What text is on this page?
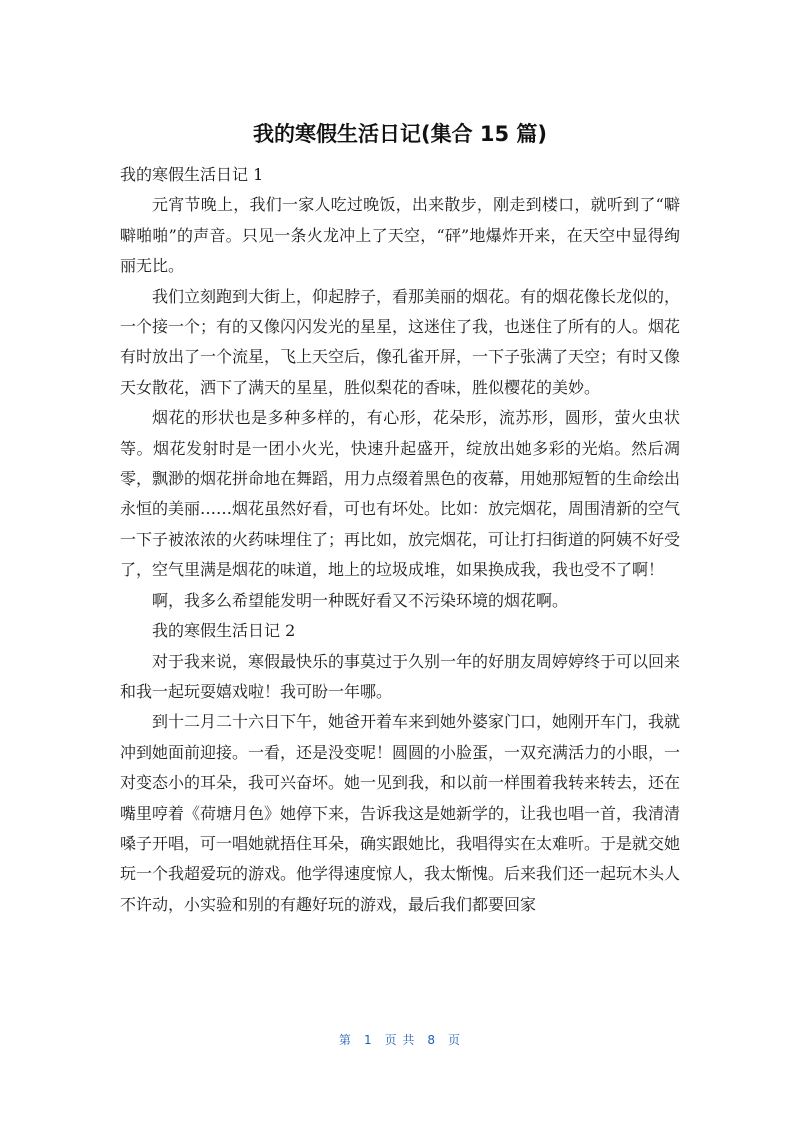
我的寒假生活日记(集合 15 篇)

我的寒假生活日记 1

元宵节晚上，我们一家人吃过晚饭，出来散步，刚走到楼口，就听到了“噼噼啪啪”的声音。只见一条火龙冲上了天空，“砰”地爆炸开来，在天空中显得绚丽无比。

我们立刻跑到大街上，仰起脖子，看那美丽的烟花。有的烟花像长龙似的，一个接一个；有的又像闪闪发光的星星，这迷住了我，也迷住了所有的人。烟花有时放出了一个流星，飞上天空后，像孔雀开屏，一下子张满了天空；有时又像天女散花，洒下了满天的星星，胜似梨花的香味，胜似樱花的美妙。

烟花的形状也是多种多样的，有心形，花朵形，流苏形，圆形，萤火虫状等。烟花发射时是一团小火光，快速升起盛开，绽放出她多彩的光焰。然后凋零，飘渺的烟花拼命地在舞蹈，用力点缀着黑色的夜幕，用她那短暂的生命绘出永恒的美丽……烟花虽然好看，可也有坏处。比如：放完烟花，周围清新的空气一下子被浓浓的火药味埋住了；再比如，放完烟花，可让打扫街道的阿姨不好受了，空气里满是烟花的味道，地上的垃圾成堆，如果换成我，我也受不了啊！

啊，我多么希望能发明一种既好看又不污染环境的烟花啊。

我的寒假生活日记 2

对于我来说，寒假最快乐的事莫过于久别一年的好朋友周婷婷终于可以回来和我一起玩耍嬉戏啦！我可盼一年哪。

到十二月二十六日下午，她爸开着车来到她外婆家门口，她刚开车门，我就冲到她面前迎接。一看，还是没变呢！圆圆的小脸蛋，一双充满活力的小眼，一对变态小的耳朵，我可兴奋坏。她一见到我，和以前一样围着我转来转去，还在嘴里哼着《荷塘月色》她停下来，告诉我这是她新学的，让我也唱一首，我清清嗓子开唱，可一唱她就捂住耳朵，确实跟她比，我唱得实在太难听。于是就交她玩一个我超爱玩的游戏。他学得速度惊人，我太惭愧。后来我们还一起玩木头人不许动，小实验和别的有趣好玩的游戏，最后我们都要回家

第 1 页 共 8 页
